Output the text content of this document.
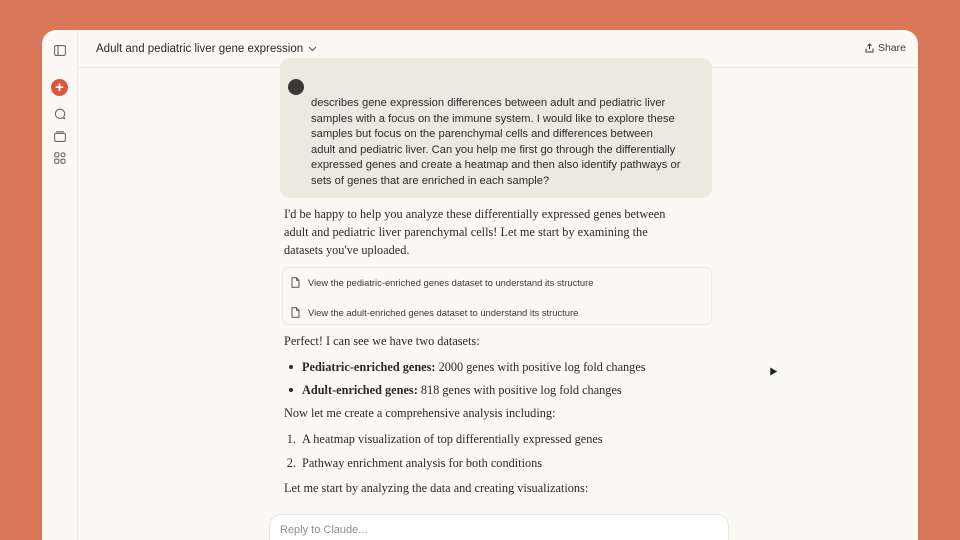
+
Adult and pediatric liver gene expression	Share
describes gene expression differences between adult and pediatric liver
samples with a focus on the immune system. I would like to explore these
samples but focus on the parenchymal cells and differences between
adult and pediatric liver. Can you help me first go through the differentially
expressed genes and create a heatmap and then also identify pathways or
sets of genes that are enriched in each sample?
I'd be happy to help you analyze these differentially expressed genes between
adult and pediatric liver parenchymal cells! Let me start by examining the
datasets you've uploaded.
View the pediatric-enriched genes dataset to understand its structure
View the adult-enriched genes dataset to understand its structure
Perfect! I can see we have two datasets:
Pediatric-enriched genes: 2000 genes with positive log fold changes
Adult-enriched genes: 818 genes with positive log fold changes
Now let me create a comprehensive analysis including:
1. A heatmap visualization of top differentially expressed genes
2. Pathway enrichment analysis for both conditions
Let me start by analyzing the data and creating visualizations:
Reply to Claude...
